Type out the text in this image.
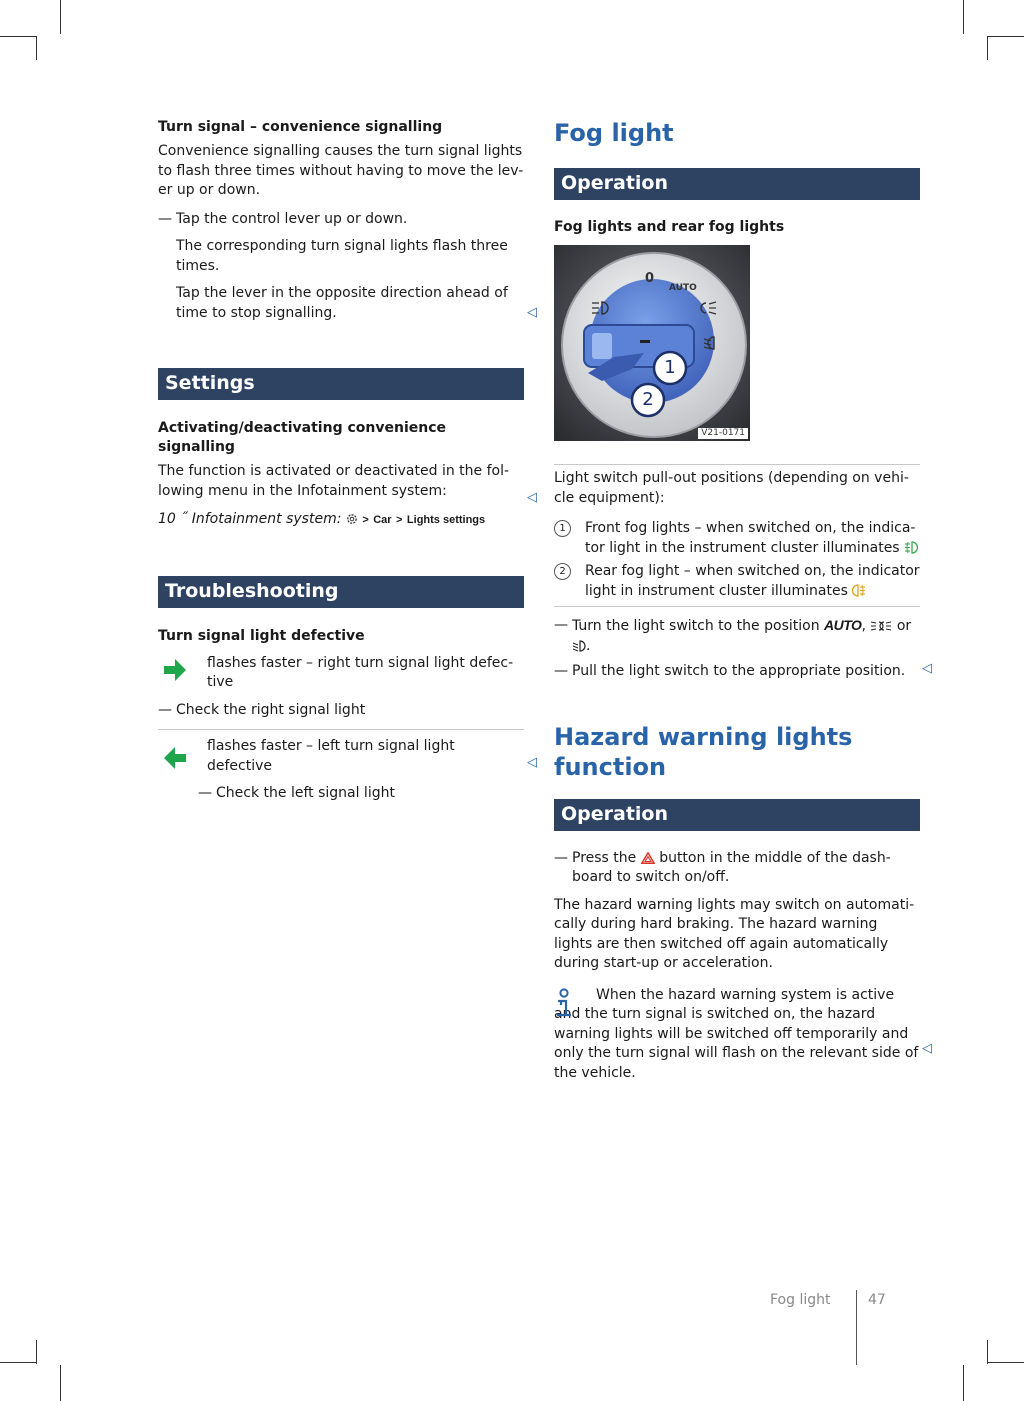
Turn signal – convenience signalling

Convenience signalling causes the turn signal lights to flash three times without having to move the lev-er up or down.

— Tap the control lever up or down.

The corresponding turn signal lights flash three times.

Tap the lever in the opposite direction ahead of time to stop signalling.

Settings
Activating/deactivating convenience signalling

The function is activated or deactivated in the fol-lowing menu in the Infotainment system:

10 ˝ Infotainment system: > Car > Lights settings

Troubleshooting
Turn signal light defective

flashes faster – right turn signal light defec-tive

— Check the right signal light

flashes faster – left turn signal light defective

— Check the left signal light
◁
◁
◁
Fog light
Operation
Fog lights and rear fog lights
0
AUTO
1
2
V21-0171

Light switch pull-out positions (depending on vehi-cle equipment):

1	Front fog lights – when switched on, the indica-tor light in the instrument cluster illuminates
2	Rear fog light – when switched on, the indicator light in instrument cluster illuminates
— Turn the light switch to the position AUTO,  or
.
— Pull the light switch to the appropriate position.
Hazard warning lights function
Operation
— Press the button in the middle of the dash-board to switch on/off.

The hazard warning lights may switch on automati-cally during hard braking. The hazard warning lights are then switched off again automatically during start-up or acceleration.

When the hazard warning system is active and the turn signal is switched on, the hazard warning lights will be switched off temporarily and only the turn signal will flash on the relevant side of the vehicle.

◁
◁
Fog light	47
